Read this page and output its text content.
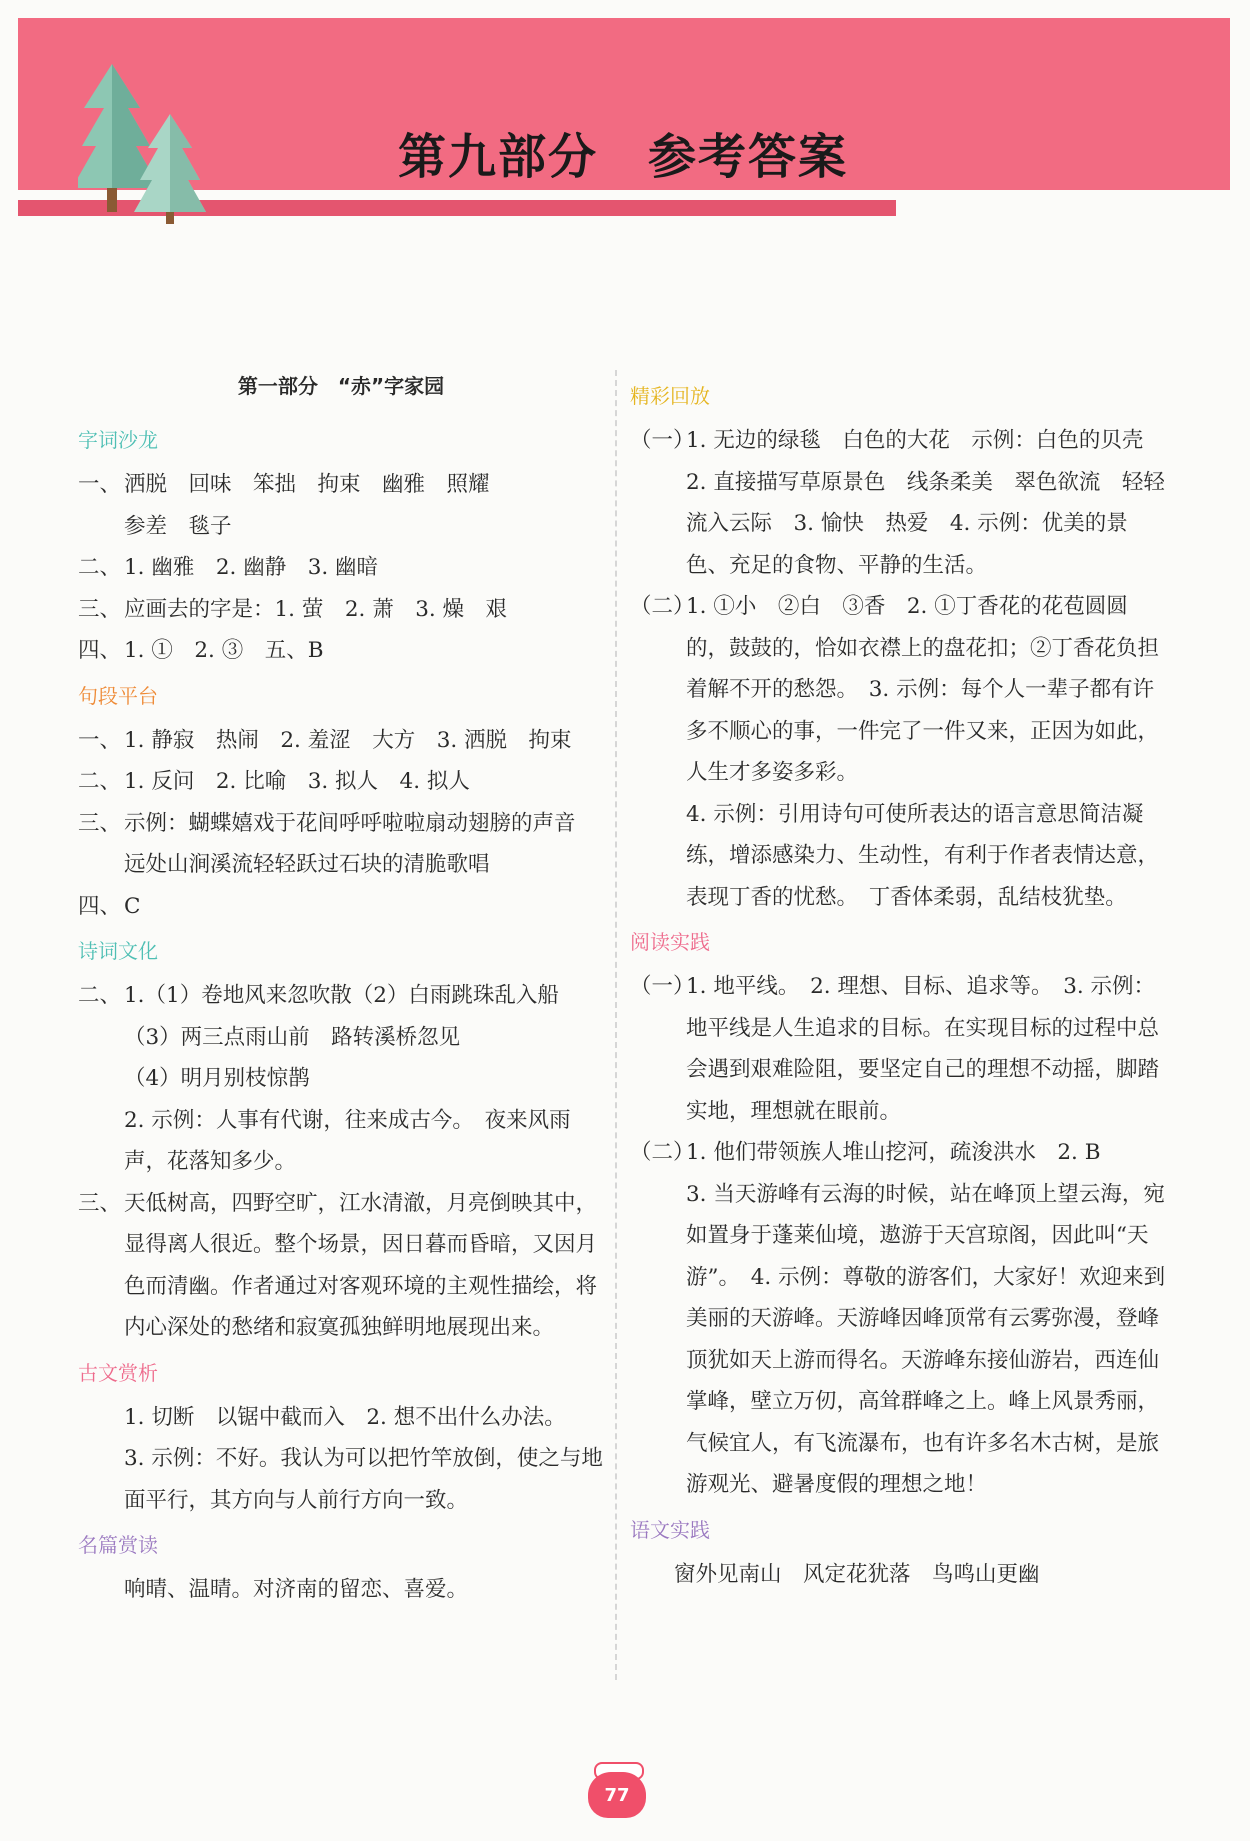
第九部分　参考答案
第一部分　“赤”字家园
字词沙龙
一、 洒脱　回味　笨拙　拘束　幽雅　照耀
参差　毯子
二、 1. 幽雅　2. 幽静　3. 幽暗
三、 应画去的字是：1. 萤　2. 萧　3. 燥　艰
四、 1. ①　2. ③　五、B
句段平台
一、 1. 静寂　热闹　2. 羞涩　大方　3. 洒脱　拘束
二、 1. 反问　2. 比喻　3. 拟人　4. 拟人
三、 示例：蝴蝶嬉戏于花间呼呼啦啦扇动翅膀的声音　远处山涧溪流轻轻跃过石块的清脆歌唱
四、 C
诗词文化
二、 1.（1）卷地风来忽吹散（2）白雨跳珠乱入船
（3）两三点雨山前　路转溪桥忽见
（4）明月别枝惊鹊
2. 示例：人事有代谢，往来成古今。　夜来风雨声，花落知多少。
三、 天低树高，四野空旷，江水清澈，月亮倒映其中，显得离人很近。整个场景，因日暮而昏暗，又因月色而清幽。作者通过对客观环境的主观性描绘，将内心深处的愁绪和寂寞孤独鲜明地展现出来。
古文赏析
1. 切断　以锯中截而入　2. 想不出什么办法。
3. 示例：不好。我认为可以把竹竿放倒，使之与地面平行，其方向与人前行方向一致。
名篇赏读
响晴、温晴。对济南的留恋、喜爱。
精彩回放
（一）
1. 无边的绿毯　白色的大花　示例：白色的贝壳
2. 直接描写草原景色　线条柔美　翠色欲流　轻轻流入云际　3. 愉快　热爱　4. 示例：优美的景色、充足的食物、平静的生活。
（二）
1. ①小　②白　③香　2. ①丁香花的花苞圆圆的，鼓鼓的，恰如衣襟上的盘花扣；②丁香花负担着解不开的愁怨。　3. 示例：每个人一辈子都有许多不顺心的事，一件完了一件又来，正因为如此，人生才多姿多彩。
4. 示例：引用诗句可使所表达的语言意思简洁凝练，增添感染力、生动性，有利于作者表情达意，表现丁香的忧愁。　丁香体柔弱，乱结枝犹垫。
阅读实践
（一）
1. 地平线。　2. 理想、目标、追求等。　3. 示例：地平线是人生追求的目标。在实现目标的过程中总会遇到艰难险阻，要坚定自己的理想不动摇，脚踏实地，理想就在眼前。
（二）
1. 他们带领族人堆山挖河，疏浚洪水　2. B
3. 当天游峰有云海的时候，站在峰顶上望云海，宛如置身于蓬莱仙境，遨游于天宫琼阁，因此叫“天游”。　4. 示例：尊敬的游客们，大家好！欢迎来到美丽的天游峰。天游峰因峰顶常有云雾弥漫，登峰顶犹如天上游而得名。天游峰东接仙游岩，西连仙掌峰，壁立万仞，高耸群峰之上。峰上风景秀丽，气候宜人，有飞流瀑布，也有许多名木古树，是旅游观光、避暑度假的理想之地！
语文实践
窗外见南山　风定花犹落　鸟鸣山更幽
77
